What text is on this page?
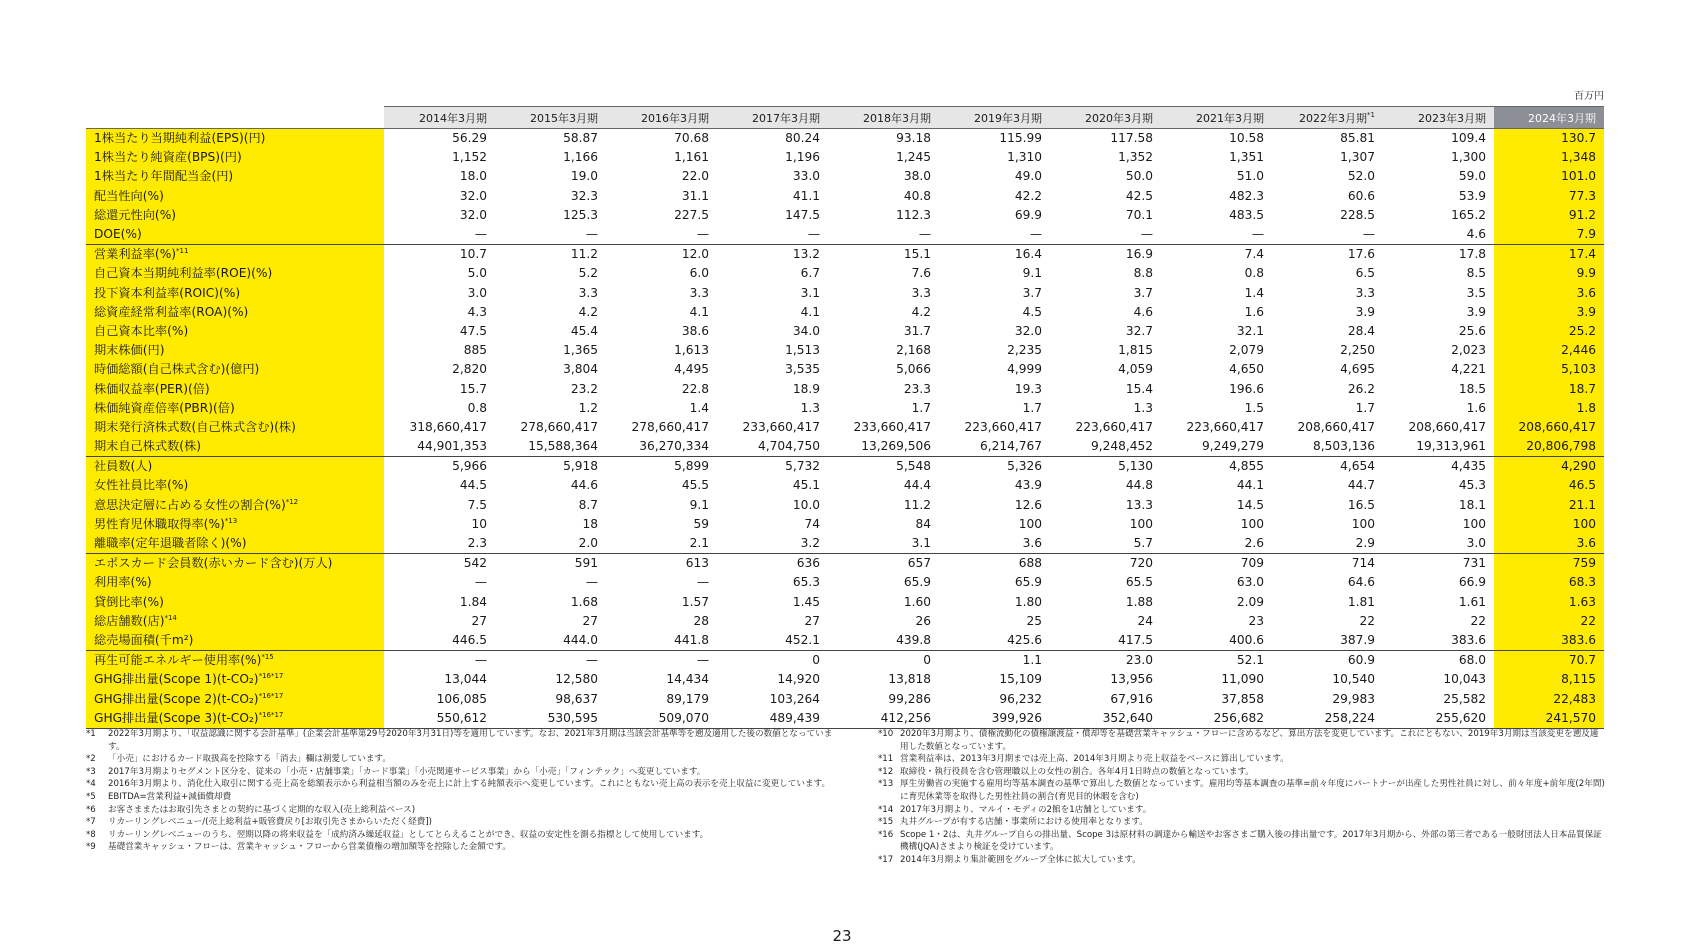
百万円
	2014年3月期	2015年3月期	2016年3月期	2017年3月期	2018年3月期	2019年3月期	2020年3月期	2021年3月期	2022年3月期$^{*1}$	2023年3月期	2024年3月期
1株当たり当期純利益(EPS)(円)	56.29	58.87	70.68	80.24	93.18	115.99	117.58	10.58	85.81	109.4	130.7
1株当たり純資産(BPS)(円)	1,152	1,166	1,161	1,196	1,245	1,310	1,352	1,351	1,307	1,300	1,348
1株当たり年間配当金(円)	18.0	19.0	22.0	33.0	38.0	49.0	50.0	51.0	52.0	59.0	101.0
配当性向(%)	32.0	32.3	31.1	41.1	40.8	42.2	42.5	482.3	60.6	53.9	77.3
総還元性向(%)	32.0	125.3	227.5	147.5	112.3	69.9	70.1	483.5	228.5	165.2	91.2
DOE(%)	—	—	—	—	—	—	—	—	—	4.6	7.9
営業利益率(%)$^{*11}$	10.7	11.2	12.0	13.2	15.1	16.4	16.9	7.4	17.6	17.8	17.4
自己資本当期純利益率(ROE)(%)	5.0	5.2	6.0	6.7	7.6	9.1	8.8	0.8	6.5	8.5	9.9
投下資本利益率(ROIC)(%)	3.0	3.3	3.3	3.1	3.3	3.7	3.7	1.4	3.3	3.5	3.6
総資産経常利益率(ROA)(%)	4.3	4.2	4.1	4.1	4.2	4.5	4.6	1.6	3.9	3.9	3.9
自己資本比率(%)	47.5	45.4	38.6	34.0	31.7	32.0	32.7	32.1	28.4	25.6	25.2
期末株価(円)	885	1,365	1,613	1,513	2,168	2,235	1,815	2,079	2,250	2,023	2,446
時価総額(自己株式含む)(億円)	2,820	3,804	4,495	3,535	5,066	4,999	4,059	4,650	4,695	4,221	5,103
株価収益率(PER)(倍)	15.7	23.2	22.8	18.9	23.3	19.3	15.4	196.6	26.2	18.5	18.7
株価純資産倍率(PBR)(倍)	0.8	1.2	1.4	1.3	1.7	1.7	1.3	1.5	1.7	1.6	1.8
期末発行済株式数(自己株式含む)(株)	318,660,417	278,660,417	278,660,417	233,660,417	233,660,417	223,660,417	223,660,417	223,660,417	208,660,417	208,660,417	208,660,417
期末自己株式数(株)	44,901,353	15,588,364	36,270,334	4,704,750	13,269,506	6,214,767	9,248,452	9,249,279	8,503,136	19,313,961	20,806,798
社員数(人)	5,966	5,918	5,899	5,732	5,548	5,326	5,130	4,855	4,654	4,435	4,290
女性社員比率(%)	44.5	44.6	45.5	45.1	44.4	43.9	44.8	44.1	44.7	45.3	46.5
意思決定層に占める女性の割合(%)$^{*12}$	7.5	8.7	9.1	10.0	11.2	12.6	13.3	14.5	16.5	18.1	21.1
男性育児休職取得率(%)$^{*13}$	10	18	59	74	84	100	100	100	100	100	100
離職率(定年退職者除く)(%)	2.3	2.0	2.1	3.2	3.1	3.6	5.7	2.6	2.9	3.0	3.6
エポスカード会員数(赤いカード含む)(万人)	542	591	613	636	657	688	720	709	714	731	759
利用率(%)	—	—	—	65.3	65.9	65.9	65.5	63.0	64.6	66.9	68.3
貸倒比率(%)	1.84	1.68	1.57	1.45	1.60	1.80	1.88	2.09	1.81	1.61	1.63
総店舗数(店)$^{*14}$	27	27	28	27	26	25	24	23	22	22	22
総売場面積(千m²)	446.5	444.0	441.8	452.1	439.8	425.6	417.5	400.6	387.9	383.6	383.6
再生可能エネルギー使用率(%)$^{*15}$	—	—	—	0	0	1.1	23.0	52.1	60.9	68.0	70.7
GHG排出量(Scope $1)(t-CO_2)^{*16*17}$	13,044	12,580	14,434	14,920	13,818	15,109	13,956	11,090	10,540	10,043	8,115
GHG排出量(Scope $2)(t-CO_2)^{*16*17}$	106,085	98,637	89,179	103,264	99,286	96,232	67,916	37,858	29,983	25,582	22,483
GHG排出量(Scope $3)(t-CO_2)^{*16*17}$	550,612	530,595	509,070	489,439	412,256	399,926	352,640	256,682	258,224	255,620	241,570
*1	2022年3月期より、「収益認識に関する会計基準」(企業会計基準第29号2020年3月31日)等を適用しています。なお、2021年3月期は当該会計基準等を遡及適用した後の数値となっています。
*2	「小売」におけるカード取扱高を控除する「消去」欄は割愛しています。
*3	2017年3月期よりセグメント区分を、従来の「小売・店舗事業」「カード事業」「小売関連サービス事業」から「小売」「フィンテック」へ変更しています。
*4	2016年3月期より、消化仕入取引に関する売上高を総額表示から利益相当額のみを売上に計上する純額表示へ変更しています。これにともない売上高の表示を売上収益に変更しています。
*5	EBITDA=営業利益+減価償却費
*6	お客さままたはお取引先さまとの契約に基づく定期的な収入(売上総利益ベース)
*7	リカーリングレベニュー/(売上総利益+販管費戻り[お取引先さまからいただく経費])
*8	リカーリングレベニューのうち、翌期以降の将来収益を「成約済み繰延収益」としてとらえることができ、収益の安定性を測る指標として使用しています。
*9	基礎営業キャッシュ・フローは、営業キャッシュ・フローから営業債権の増加額等を控除した金額です。
*10 2020年3月期より、債権流動化の債権譲渡益・償却等を基礎営業キャッシュ・フローに含めるなど、算出方法を変更しています。これにともない、2019年3月期は当該変更を遡及適用した数値となっています。
*11 営業利益率は、2013年3月期までは売上高、2014年3月期より売上収益をベースに算出しています。
*12 取締役・執行役員を含む管理職以上の女性の割合。各年4月1日時点の数値となっています。
*13 厚生労働省の実施する雇用均等基本調査の基準で算出した数値となっています。雇用均等基本調査の基準=前々年度にパートナーが出産した男性社員に対し、前々年度+前年度(2年間)に育児休業等を取得した男性社員の割合(育児目的休暇を含む)
*14 2017年3月期より、マルイ・モディの2館を1店舗としています。
*15 丸井グループが有する店舗・事業所における使用率となります。
*16 Scope 1・2は、丸井グループ自らの排出量、Scope 3は原材料の調達から輸送やお客さまご購入後の排出量です。2017年3月期から、外部の第三者である一般財団法人日本品質保証機構(JQA)さまより検証を受けています。
*17 2014年3月期より集計範囲をグループ全体に拡大しています。
23
